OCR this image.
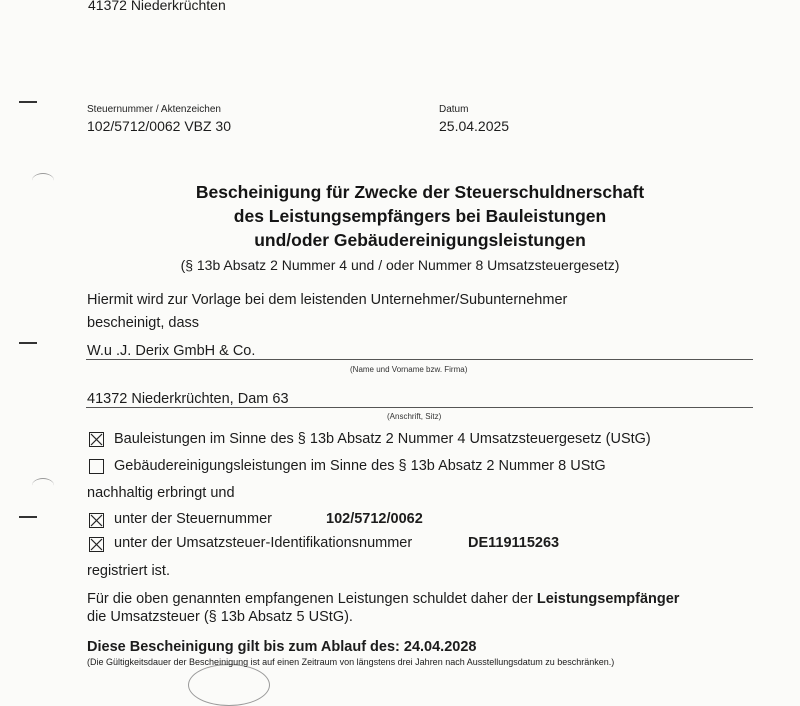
41372 Niederkrüchten
Steuernummer / Aktenzeichen
102/5712/0062 VBZ 30
Datum
25.04.2025
Bescheinigung für Zwecke der Steuerschuldnerschaft
des Leistungsempfängers bei Bauleistungen
und/oder Gebäudereinigungsleistungen
(§ 13b Absatz 2 Nummer 4 und / oder Nummer 8 Umsatzsteuergesetz)
Hiermit wird zur Vorlage bei dem leistenden Unternehmer/Subunternehmer
bescheinigt, dass
W.u .J. Derix GmbH & Co.
(Name und Vorname bzw. Firma)
41372 Niederkrüchten, Dam 63
(Anschrift, Sitz)
Bauleistungen im Sinne des § 13b Absatz 2 Nummer 4 Umsatzsteuergesetz (UStG)
Gebäudereinigungsleistungen im Sinne des § 13b Absatz 2 Nummer 8 UStG
nachhaltig erbringt und
unter der Steuernummer	102/5712/0062
unter der Umsatzsteuer-Identifikationsnummer	DE119115263
registriert ist.
Für die oben genannten empfangenen Leistungen schuldet daher der Leistungsempfänger
die Umsatzsteuer (§ 13b Absatz 5 UStG).
Diese Bescheinigung gilt bis zum Ablauf des: 24.04.2028
(Die Gültigkeitsdauer der Bescheinigung ist auf einen Zeitraum von längstens drei Jahren nach Ausstellungsdatum zu beschränken.)
